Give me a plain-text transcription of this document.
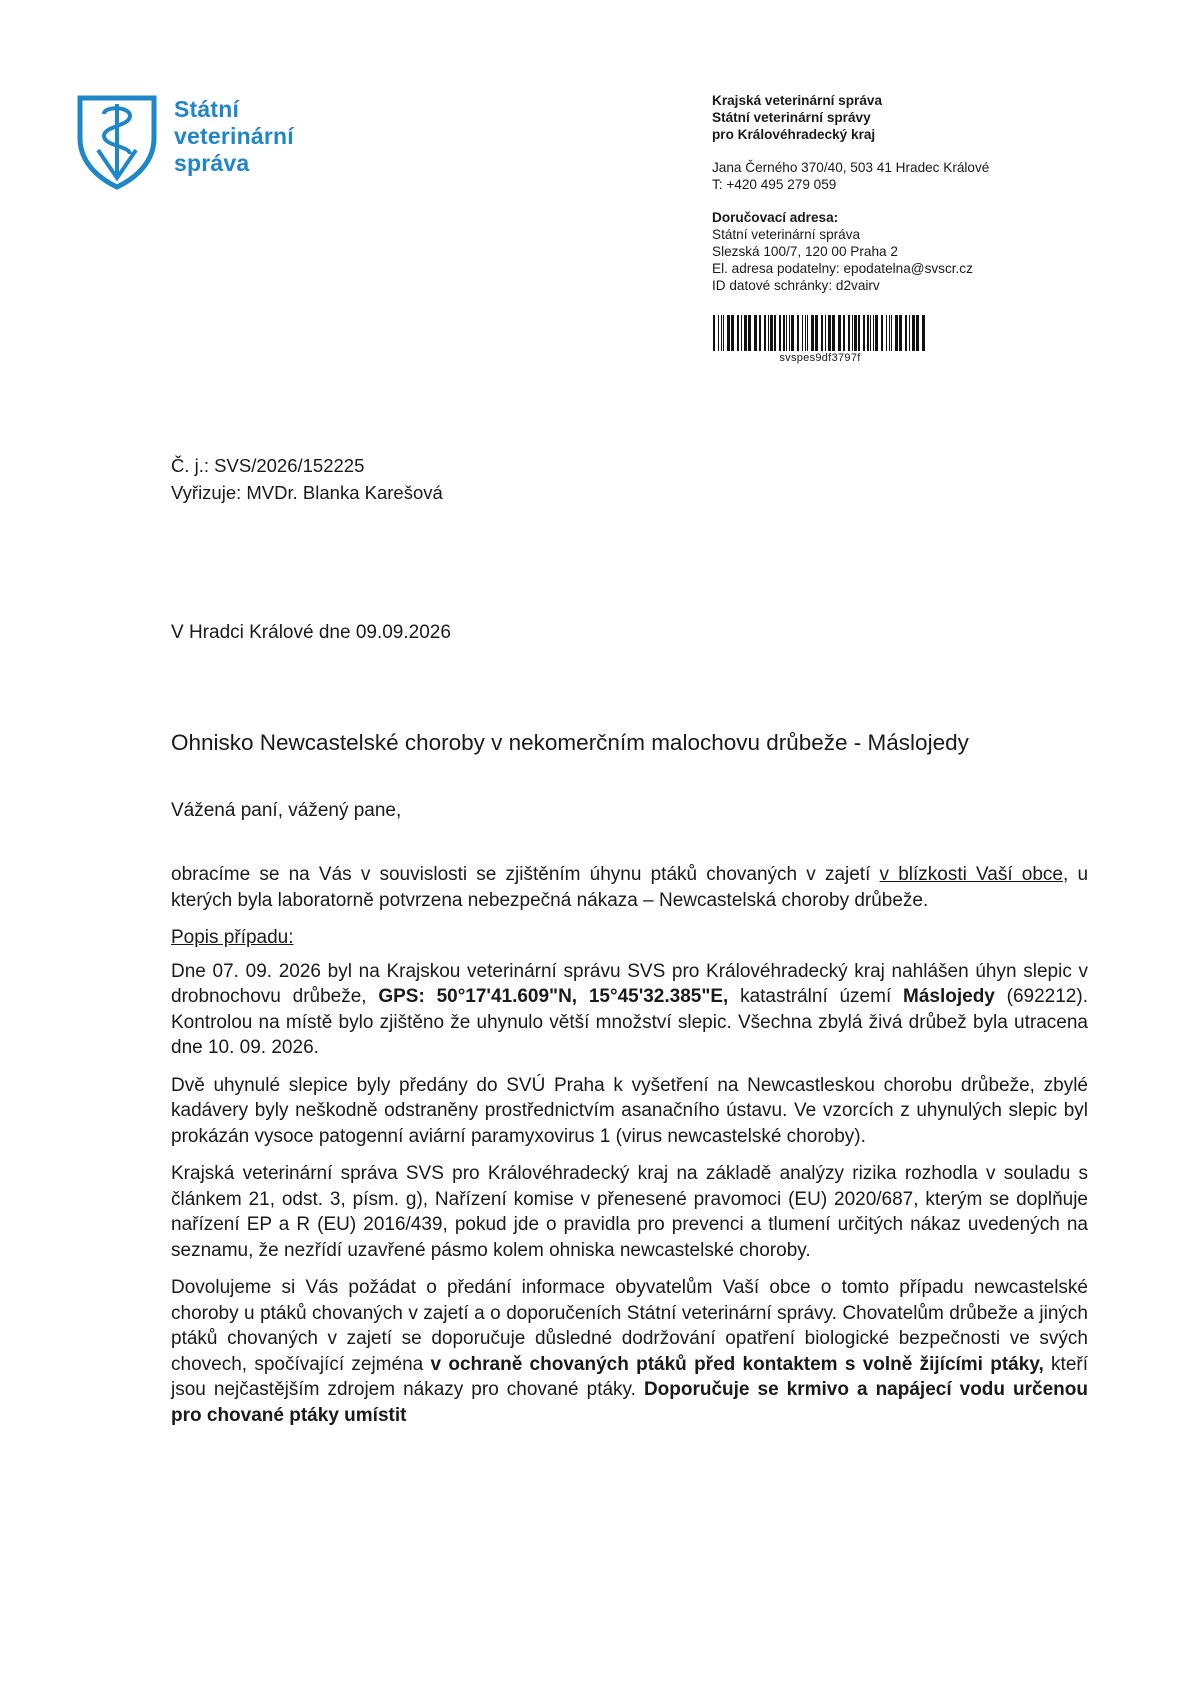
Státní
veterinární
správa
Krajská veterinární správa
Státní veterinární správy
pro Královéhradecký kraj
Jana Černého 370/40, 503 41 Hradec Králové
T: +420 495 279 059
Doručovací adresa:
Státní veterinární správa
Slezská 100/7, 120 00 Praha 2
El. adresa podatelny: epodatelna@svscr.cz
ID datové schránky: d2vairv
svspes9df3797f
Č. j.: SVS/2026/152225
Vyřizuje: MVDr. Blanka Karešová
V Hradci Králové dne 09.09.2026
Ohnisko Newcastelské choroby v nekomerčním malochovu drůbeže - Máslojedy
Vážená paní, vážený pane,

obracíme se na Vás v souvislosti se zjištěním úhynu ptáků chovaných v zajetí v blízkosti Vaší obce, u kterých byla laboratorně potvrzena nebezpečná nákaza – Newcastelská choroby drůbeže.

Popis případu:

Dne 07. 09. 2026 byl na Krajskou veterinární správu SVS pro Královéhradecký kraj nahlášen úhyn slepic v drobnochovu drůbeže, GPS: 50°17'41.609"N, 15°45'32.385"E, katastrální území Máslojedy (692212). Kontrolou na místě bylo zjištěno že uhynulo větší množství slepic. Všechna zbylá živá drůbež byla utracena dne 10. 09. 2026.

Dvě uhynulé slepice byly předány do SVÚ Praha k vyšetření na Newcastleskou chorobu drůbeže, zbylé kadávery byly neškodně odstraněny prostřednictvím asanačního ústavu. Ve vzorcích z uhynulých slepic byl prokázán vysoce patogenní aviární paramyxovirus 1 (virus newcastelské choroby).

Krajská veterinární správa SVS pro Královéhradecký kraj na základě analýzy rizika rozhodla v souladu s článkem 21, odst. 3, písm. g), Nařízení komise v přenesené pravomoci (EU) 2020/687, kterým se doplňuje nařízení EP a R (EU) 2016/439, pokud jde o pravidla pro prevenci a tlumení určitých nákaz uvedených na seznamu, že nezřídí uzavřené pásmo kolem ohniska newcastelské choroby.

Dovolujeme si Vás požádat o předání informace obyvatelům Vaší obce o tomto případu newcastelské choroby u ptáků chovaných v zajetí a o doporučeních Státní veterinární správy. Chovatelům drůbeže a jiných ptáků chovaných v zajetí se doporučuje důsledné dodržování opatření biologické bezpečnosti ve svých chovech, spočívající zejména v ochraně chovaných ptáků před kontaktem s volně žijícími ptáky, kteří jsou nejčastějším zdrojem nákazy pro chované ptáky. Doporučuje se krmivo a napájecí vodu určenou pro chované ptáky umístit
